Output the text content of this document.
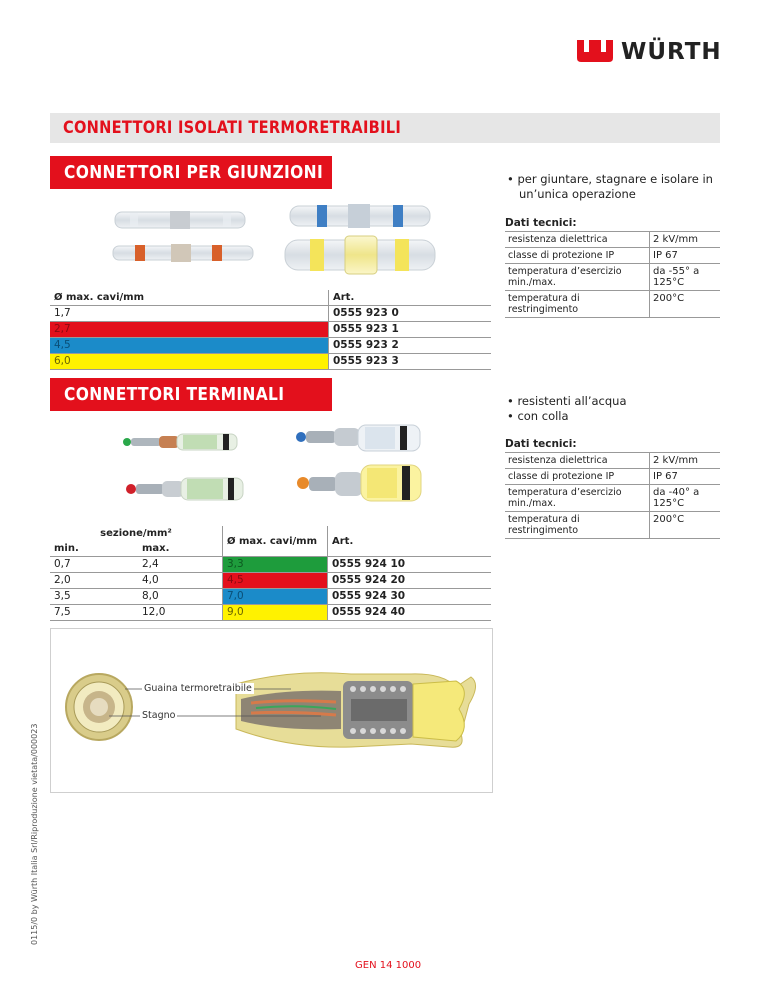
WÜRTH
CONNETTORI ISOLATI TERMORETRAIBILI
CONNETTORI PER GIUNZIONI	• per giuntare, stagnare e isolare in un’unica operazione
Dati tecnici:	
resistenza dielettrica	2 kV/mm
classe di protezione IP	IP 67
temperatura d’esercizio min./max.	da -55° a 125°C
temperatura di restringimento	200°C
Ø max. cavi/mm	Art.
1,7	0555 923 0
2,7	0555 923 1
4,5	0555 923 2
6,0	0555 923 3
CONNETTORI TERMINALI	• resistenti all’acqua
• con colla
Dati tecnici:	
resistenza dielettrica	2 kV/mm
classe di protezione IP	IP 67
temperatura d’esercizio min./max.	da -40° a 125°C
temperatura di restringimento	200°C
sezione/mm²		Ø max. cavi/mm	Art.
min.	max.		
0,7	2,4	3,3	0555 924 10
2,0	4,0	4,5	0555 924 20
3,5	8,0	7,0	0555 924 30
7,5	12,0	9,0	0555 924 40
Guaina termoretraibile
Stagno
0115/0 by Würth Italia Srl/Riproduzione vietata/000023
GEN 14 1000
